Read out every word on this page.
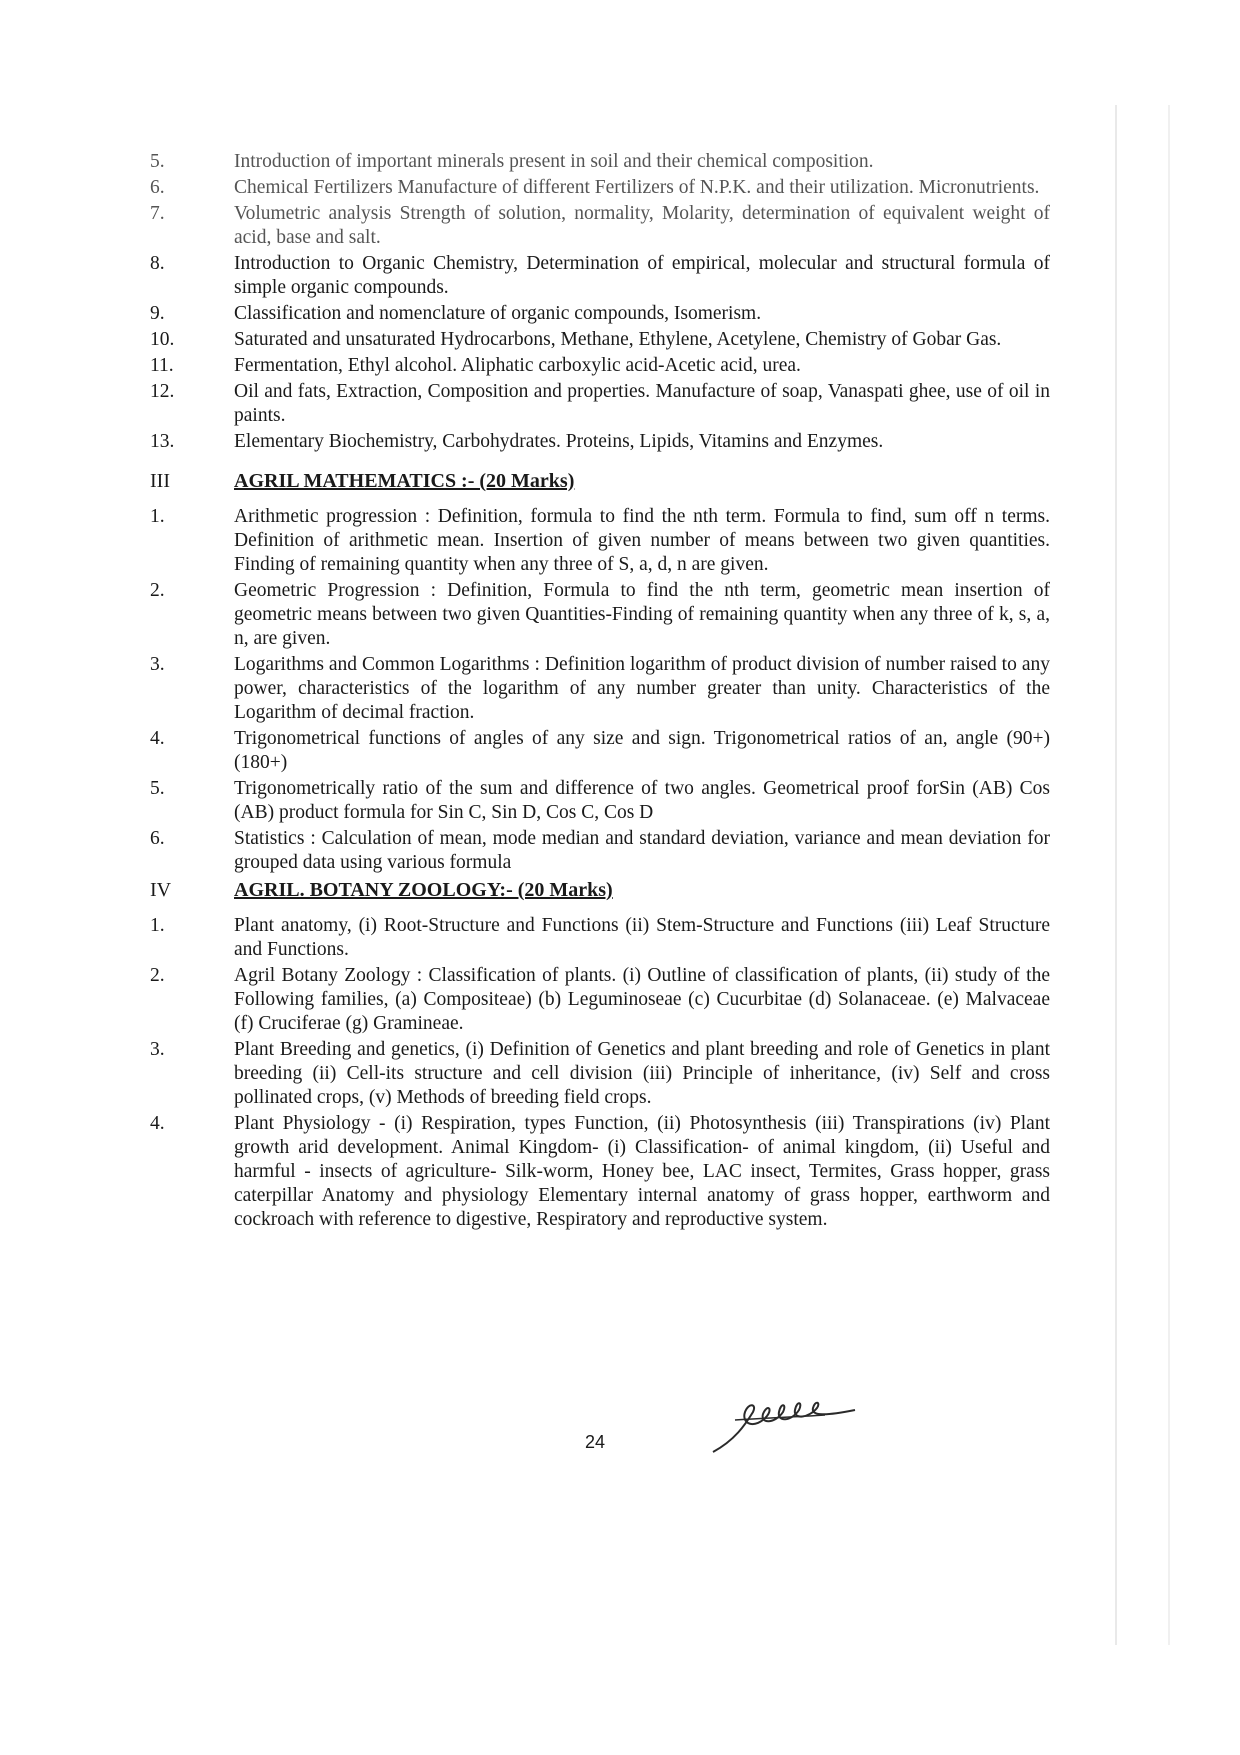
5.	Introduction of important minerals present in soil and their chemical composition.
6.	Chemical Fertilizers Manufacture of different Fertilizers of N.P.K. and their utilization. Micronutrients.
7.	Volumetric analysis Strength of solution, normality, Molarity, determination of equivalent weight of acid, base and salt.
8.	Introduction to Organic Chemistry, Determination of empirical, molecular and structural formula of simple organic compounds.
9.	Classification and nomenclature of organic compounds, Isomerism.
10.	Saturated and unsaturated Hydrocarbons, Methane, Ethylene, Acetylene, Chemistry of Gobar Gas.
11.	Fermentation, Ethyl alcohol. Aliphatic carboxylic acid-Acetic acid, urea.
12.	Oil and fats, Extraction, Composition and properties. Manufacture of soap, Vanaspati ghee, use of oil in paints.
13.	Elementary Biochemistry, Carbohydrates. Proteins, Lipids, Vitamins and Enzymes.
III	AGRIL MATHEMATICS :- (20 Marks)
1.	Arithmetic progression : Definition, formula to find the nth term. Formula to find, sum off n terms. Definition of arithmetic mean. Insertion of given number of means between two given quantities. Finding of remaining quantity when any three of S, a, d, n are given.
2.	Geometric Progression : Definition, Formula to find the nth term, geometric mean insertion of geometric means between two given Quantities-Finding of remaining quantity when any three of k, s, a, n, are given.
3.	Logarithms and Common Logarithms : Definition logarithm of product division of number raised to any power, characteristics of the logarithm of any number greater than unity. Characteristics of the Logarithm of decimal fraction.
4.	Trigonometrical functions of angles of any size and sign. Trigonometrical ratios of an, angle (90+) (180+)
5.	Trigonometrically ratio of the sum and difference of two angles. Geometrical proof forSin (AB) Cos (AB) product formula for Sin C, Sin D, Cos C, Cos D
6.	Statistics : Calculation of mean, mode median and standard deviation, variance and mean deviation for grouped data using various formula
IV	AGRIL. BOTANY ZOOLOGY:- (20 Marks)
1.	Plant anatomy, (i) Root-Structure and Functions (ii) Stem-Structure and Functions (iii) Leaf Structure and Functions.
2.	Agril Botany Zoology : Classification of plants. (i) Outline of classification of plants, (ii) study of the Following families, (a) Compositeae) (b) Leguminoseae (c) Cucurbitae (d) Solanaceae. (e) Malvaceae (f) Cruciferae (g) Gramineae.
3.	Plant Breeding and genetics, (i) Definition of Genetics and plant breeding and role of Genetics in plant breeding (ii) Cell-its structure and cell division (iii) Principle of inheritance, (iv) Self and cross pollinated crops, (v) Methods of breeding field crops.
4.	Plant Physiology - (i) Respiration, types Function, (ii) Photosynthesis (iii) Transpirations (iv) Plant growth arid development. Animal Kingdom- (i) Classification- of animal kingdom, (ii) Useful and harmful - insects of agriculture- Silk-worm, Honey bee, LAC insect, Termites, Grass hopper, grass caterpillar Anatomy and physiology Elementary internal anatomy of grass hopper, earthworm and cockroach with reference to digestive, Respiratory and reproductive system.
24
